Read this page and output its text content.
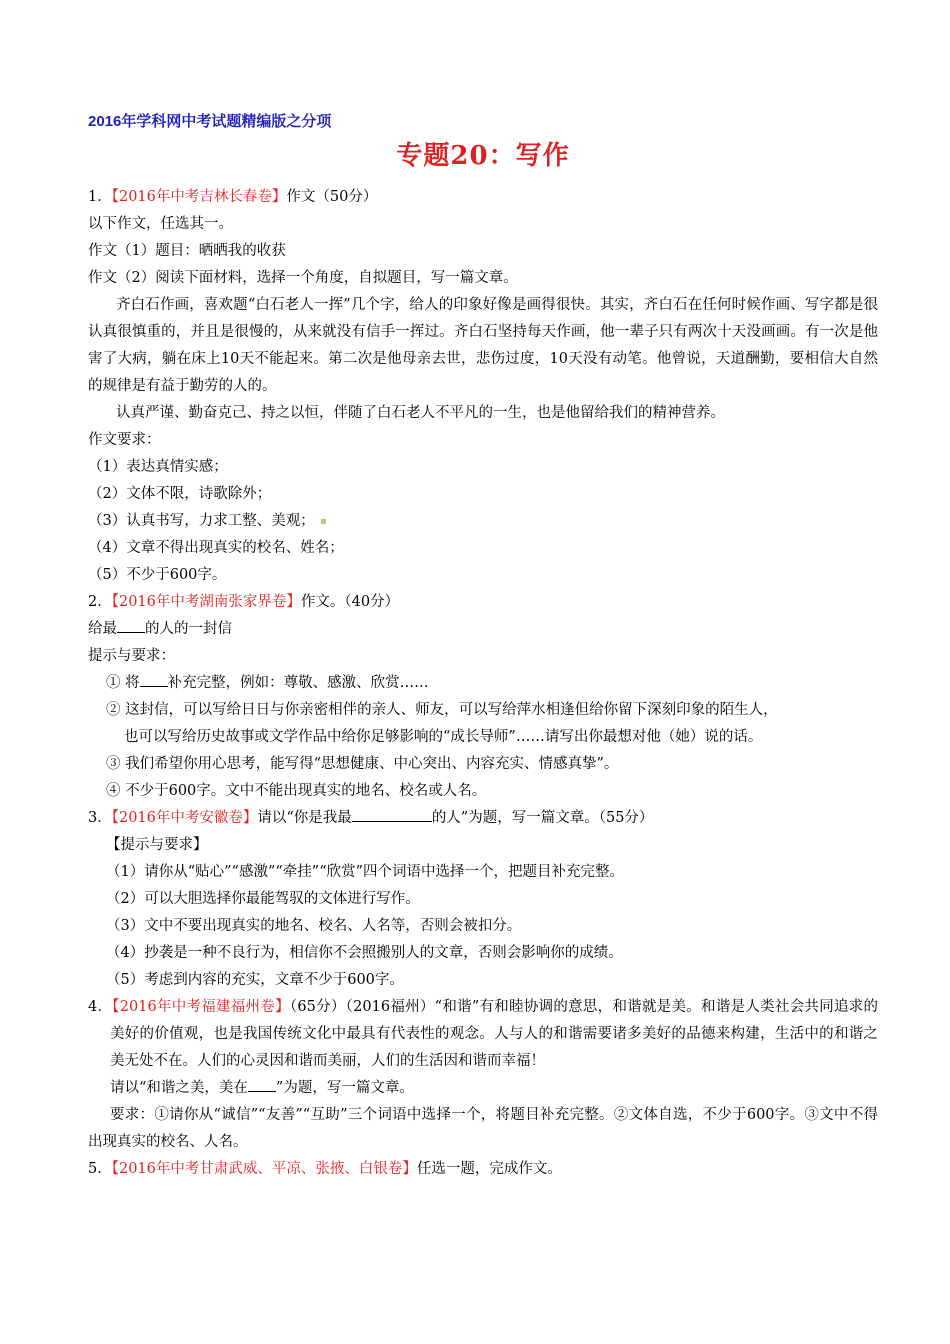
2016年学科网中考试题精编版之分项
专题20：写作
1．【2016年中考吉林长春卷】作文（50分）
以下作文，任选其一。
作文（1）题目：晒晒我的收获
作文（2）阅读下面材料，选择一个角度，自拟题目，写一篇文章。
齐白石作画，喜欢题“白石老人一挥”几个字，给人的印象好像是画得很快。其实，齐白石在任何时候作画、写字都是很认真很慎重的，并且是很慢的，从来就没有信手一挥过。齐白石坚持每天作画，他一辈子只有两次十天没画画。有一次是他害了大病，躺在床上10天不能起来。第二次是他母亲去世，悲伤过度，10天没有动笔。他曾说，天道酬勤，要相信大自然的规律是有益于勤劳的人的。
认真严谨、勤奋克己、持之以恒，伴随了白石老人不平凡的一生，也是他留给我们的精神营养。
作文要求：
（1）表达真情实感；
（2）文体不限，诗歌除外；
（3）认真书写，力求工整、美观；
（4）文章不得出现真实的校名、姓名；
（5）不少于600字。
2．【2016年中考湖南张家界卷】作文。（40分）
给最 的人的一封信
提示与要求：
① 将 补充完整，例如：尊敬、感激、欣赏……
② 这封信，可以写给日日与你亲密相伴的亲人、师友，可以写给萍水相逢但给你留下深刻印象的陌生人，
也可以写给历史故事或文学作品中给你足够影响的“成长导师”……请写出你最想对他（她）说的话。
③ 我们希望你用心思考，能写得“思想健康、中心突出、内容充实、情感真挚”。
④ 不少于600字。文中不能出现真实的地名、校名或人名。
3．【2016年中考安徽卷】请以“你是我最	的人”为题，写一篇文章。（55分）
【提示与要求】
（1）请你从“贴心”“感激”“牵挂”“欣赏”四个词语中选择一个，把题目补充完整。
（2）可以大胆选择你最能驾驭的文体进行写作。
（3）文中不要出现真实的地名、校名、人名等，否则会被扣分。
（4）抄袭是一种不良行为，相信你不会照搬别人的文章，否则会影响你的成绩。
（5）考虑到内容的充实，文章不少于600字。
4．【2016年中考福建福州卷】（65分）（2016福州）“和谐”有和睦协调的意思，和谐就是美。和谐是人类社会共同追求的美好的价值观，也是我国传统文化中最具有代表性的观念。人与人的和谐需要诸多美好的品德来构建，生活中的和谐之美无处不在。人们的心灵因和谐而美丽，人们的生活因和谐而幸福！
请以“和谐之美，美在 ”为题，写一篇文章。
要求：①请你从“诚信”“友善”“互助”三个词语中选择一个，将题目补充完整。②文体自选，不少于600字。③文中不得出现真实的校名、人名。
5．【2016年中考甘肃武威、平凉、张掖、白银卷】任选一题，完成作文。
